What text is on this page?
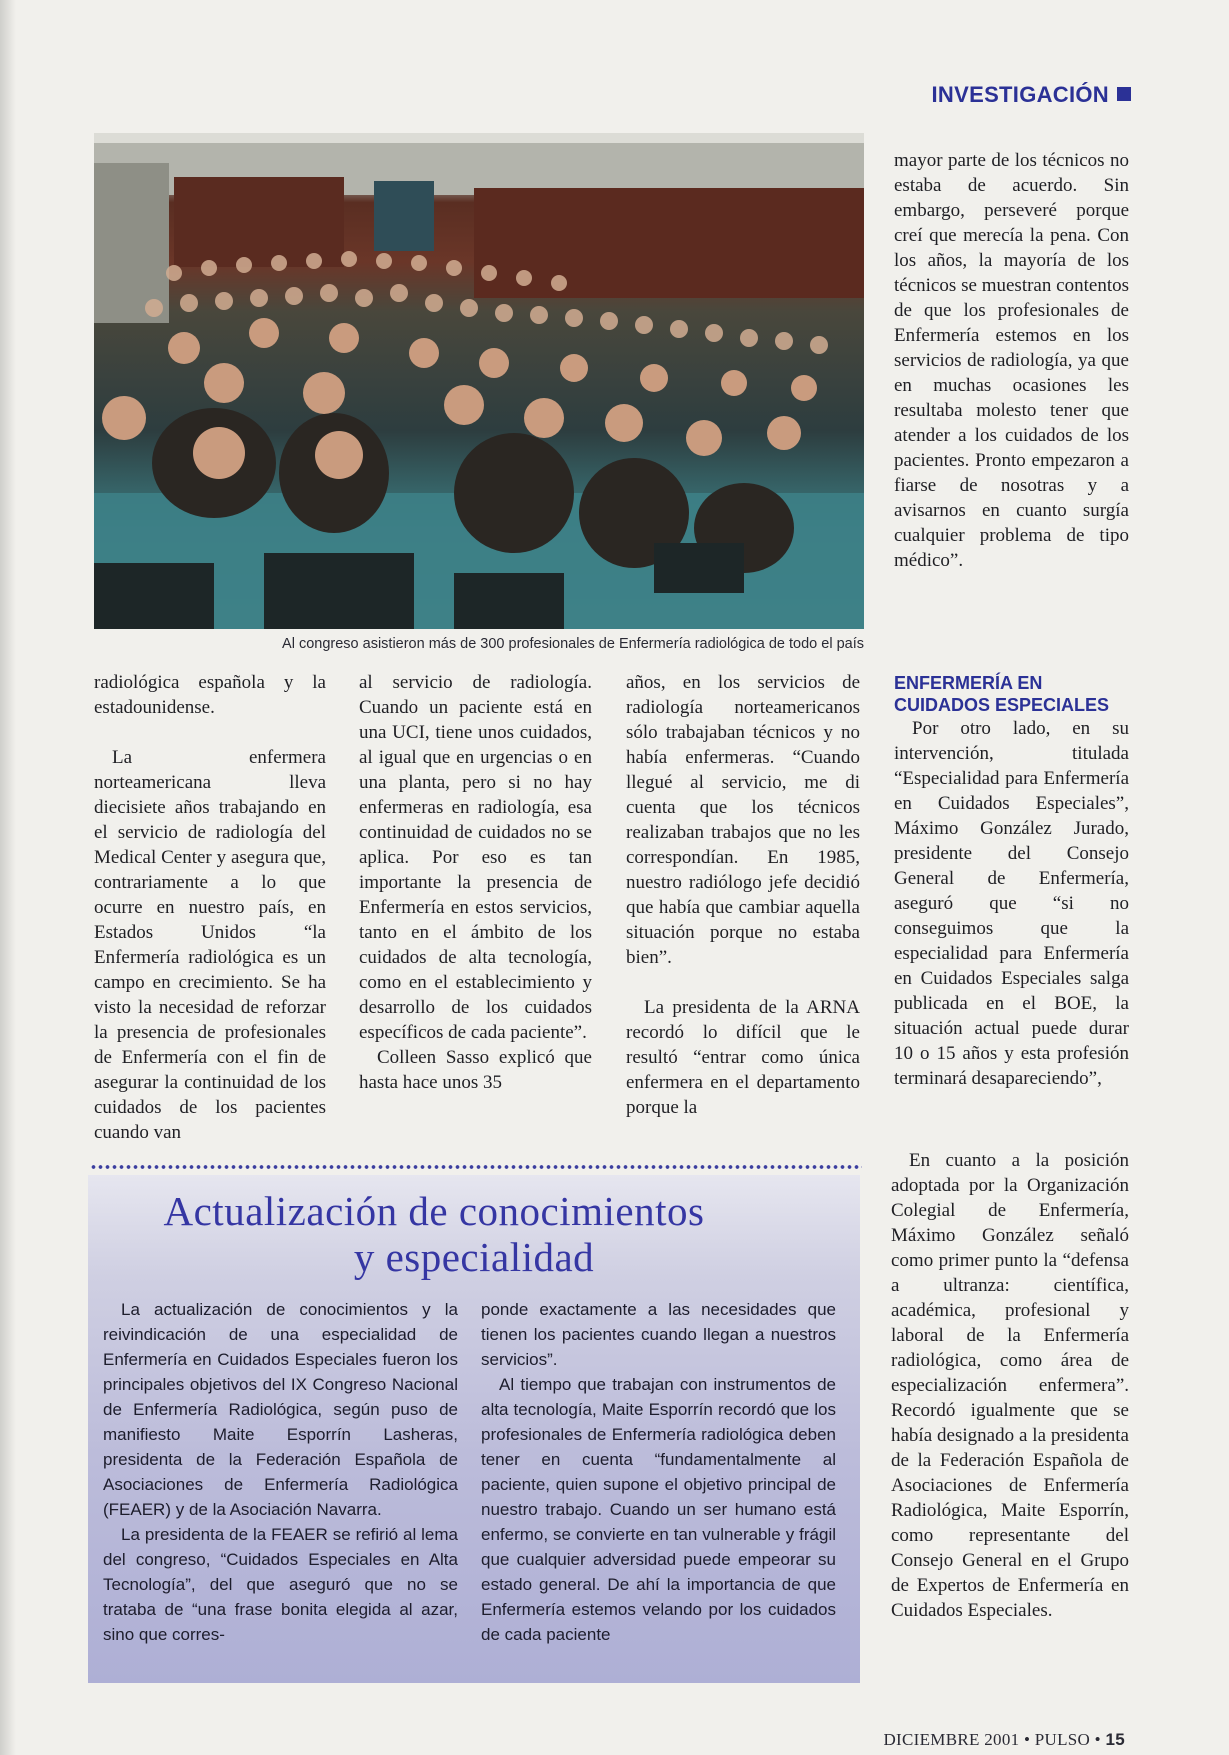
INVESTIGACIÓN
Al congreso asistieron más de 300 profesionales de Enfermería radiológica de todo el país

radiológica española y la estadounidense.

La enfermera norteamericana lleva diecisiete años trabajando en el servicio de radiología del Medical Center y asegura que, contrariamente a lo que ocurre en nuestro país, en Estados Unidos “la Enfermería radiológica es un campo en crecimiento. Se ha visto la necesidad de reforzar la presencia de profesionales de Enfermería con el fin de asegurar la continuidad de los cuidados de los pacientes cuando van

al servicio de radiología. Cuando un paciente está en una UCI, tiene unos cuidados, al igual que en urgencias o en una planta, pero si no hay enfermeras en radiología, esa continuidad de cuidados no se aplica. Por eso es tan importante la presencia de Enfermería en estos servicios, tanto en el ámbito de los cuidados de alta tecnología, como en el establecimiento y desarrollo de los cuidados específicos de cada paciente”.

Colleen Sasso explicó que hasta hace unos 35

años, en los servicios de radiología norteamericanos sólo trabajaban técnicos y no había enfermeras. “Cuando llegué al servicio, me di cuenta que los técnicos realizaban trabajos que no les correspondían. En 1985, nuestro radiólogo jefe decidió que había que cambiar aquella situación porque no estaba bien”.

La presidenta de la ARNA recordó lo difícil que le resultó “entrar como única enfermera en el departamento porque la

mayor parte de los técnicos no estaba de acuerdo. Sin embargo, perseveré porque creí que merecía la pena. Con los años, la mayoría de los técnicos se muestran contentos de que los profesionales de Enfermería estemos en los servicios de radiología, ya que en muchas ocasiones les resultaba molesto tener que atender a los cuidados de los pacientes. Pronto empezaron a fiarse de nosotras y a avisarnos en cuanto surgía cualquier problema de tipo médico”.

ENFERMERÍA EN CUIDADOS ESPECIALES

Por otro lado, en su intervención, titulada “Especialidad para Enfermería en Cuidados Especiales”, Máximo González Jurado, presidente del Consejo General de Enfermería, aseguró que “si no conseguimos que la especialidad para Enfermería en Cuidados Especiales salga publicada en el BOE, la situación actual puede durar 10 o 15 años y esta profesión terminará desapareciendo”,

En cuanto a la posición adoptada por la Organización Colegial de Enfermería, Máximo González señaló como primer punto la “defensa a ultranza: científica, académica, profesional y laboral de la Enfermería radiológica, como área de especialización enfermera”. Recordó igualmente que se había designado a la presidenta de la Federación Española de Asociaciones de Enfermería Radiológica, Maite Esporrín, como representante del Consejo General en el Grupo de Expertos de Enfermería en Cuidados Especiales.

Actualización de conocimientos
y especialidad

La actualización de conocimientos y la reivindicación de una especialidad de Enfermería en Cuidados Especiales fueron los principales objetivos del IX Congreso Nacional de Enfermería Radiológica, según puso de manifiesto Maite Esporrín Lasheras, presidenta de la Federación Española de Asociaciones de Enfermería Radiológica (FEAER) y de la Asociación Navarra.

La presidenta de la FEAER se refirió al lema del congreso, “Cuidados Especiales en Alta Tecnología”, del que aseguró que no se trataba de “una frase bonita elegida al azar, sino que corres-

ponde exactamente a las necesidades que tienen los pacientes cuando llegan a nuestros servicios”.

Al tiempo que trabajan con instrumentos de alta tecnología, Maite Esporrín recordó que los profesionales de Enfermería radiológica deben tener en cuenta “fundamentalmente al paciente, quien supone el objetivo principal de nuestro trabajo. Cuando un ser humano está enfermo, se convierte en tan vulnerable y frágil que cualquier adversidad puede empeorar su estado general. De ahí la importancia de que Enfermería estemos velando por los cuidados de cada paciente

DICIEMBRE 2001 • PULSO • 15
